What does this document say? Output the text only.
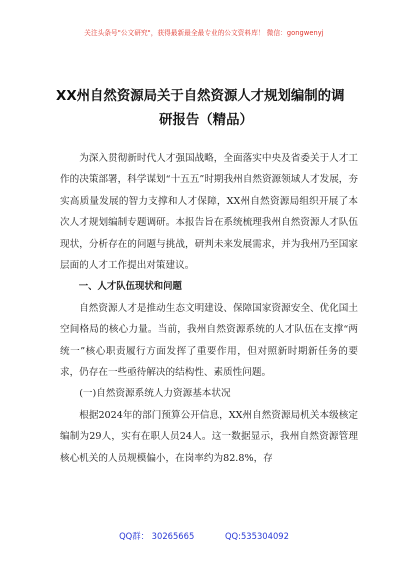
关注头条号"公文研究"，获得最新最全最专业的公文资料库！ 微信：gongwenyj
XX州自然资源局关于自然资源人才规划编制的调
研报告（精品）

为深入贯彻新时代人才强国战略，全面落实中央及省委关于人才工作的决策部署，科学谋划“十五五”时期我州自然资源领域人才发展，夯实高质量发展的智力支撑和人才保障，XX州自然资源局组织开展了本次人才规划编制专题调研。本报告旨在系统梳理我州自然资源人才队伍现状，分析存在的问题与挑战，研判未来发展需求，并为我州乃至国家层面的人才工作提出对策建议。

一、人才队伍现状和问题

自然资源人才是推动生态文明建设、保障国家资源安全、优化国土空间格局的核心力量。当前，我州自然资源系统的人才队伍在支撑“两统一”核心职责履行方面发挥了重要作用，但对照新时期新任务的要求，仍存在一些亟待解决的结构性、素质性问题。

(一)自然资源系统人力资源基本状况

根据2024年的部门预算公开信息，XX州自然资源局机关本级核定编制为29人，实有在职人员24人。这一数据显示，我州自然资源管理核心机关的人员规模偏小，在岗率约为82.8%，存

QQ群： 30265665	QQ:535304092
